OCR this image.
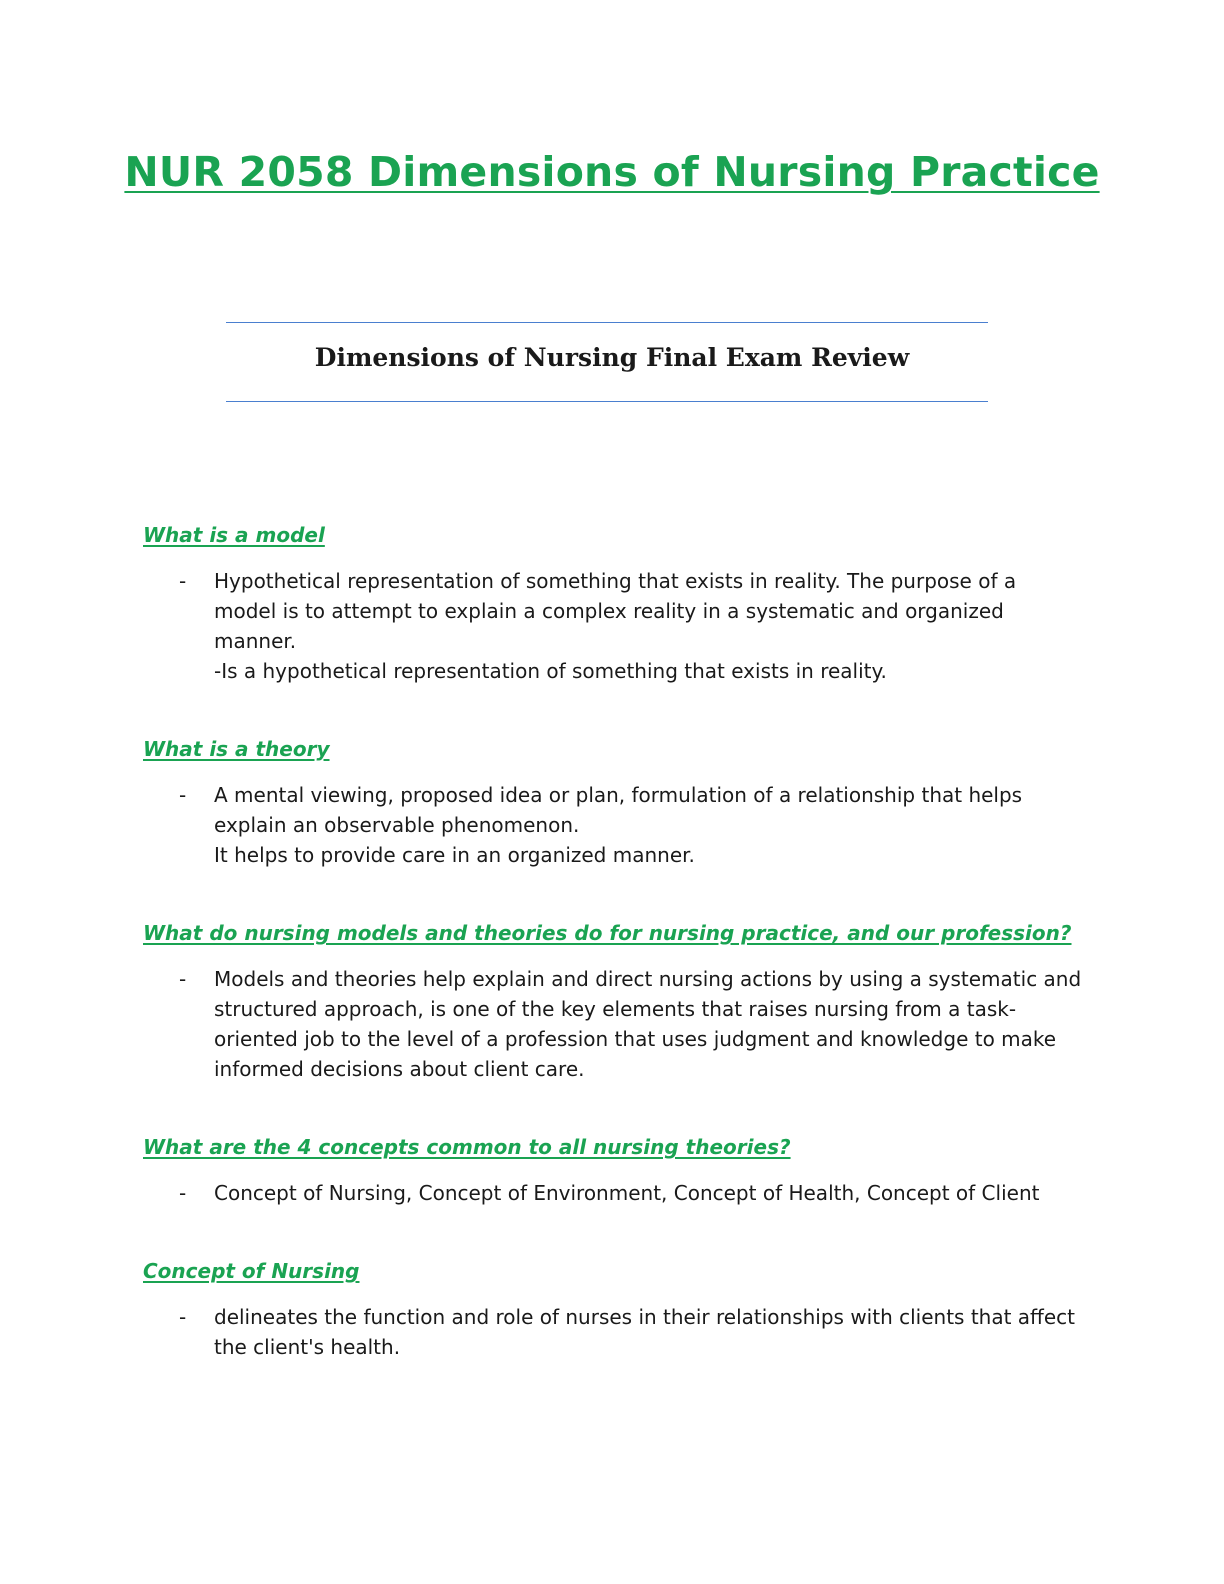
NUR 2058 Dimensions of Nursing Practice
Dimensions of Nursing Final Exam Review
What is a model
- Hypothetical representation of something that exists in reality. The purpose of a model is to attempt to explain a complex reality in a systematic and organized manner.

-Is a hypothetical representation of something that exists in reality.

What is a theory
- A mental viewing, proposed idea or plan, formulation of a relationship that helps explain an observable phenomenon.

It helps to provide care in an organized manner.

What do nursing models and theories do for nursing practice, and our profession?
- Models and theories help explain and direct nursing actions by using a systematic and structured approach, is one of the key elements that raises nursing from a task-oriented job to the level of a profession that uses judgment and knowledge to make informed decisions about client care.

What are the 4 concepts common to all nursing theories?
- Concept of Nursing, Concept of Environment, Concept of Health, Concept of Client

Concept of Nursing
- delineates the function and role of nurses in their relationships with clients that affect the client's health.
